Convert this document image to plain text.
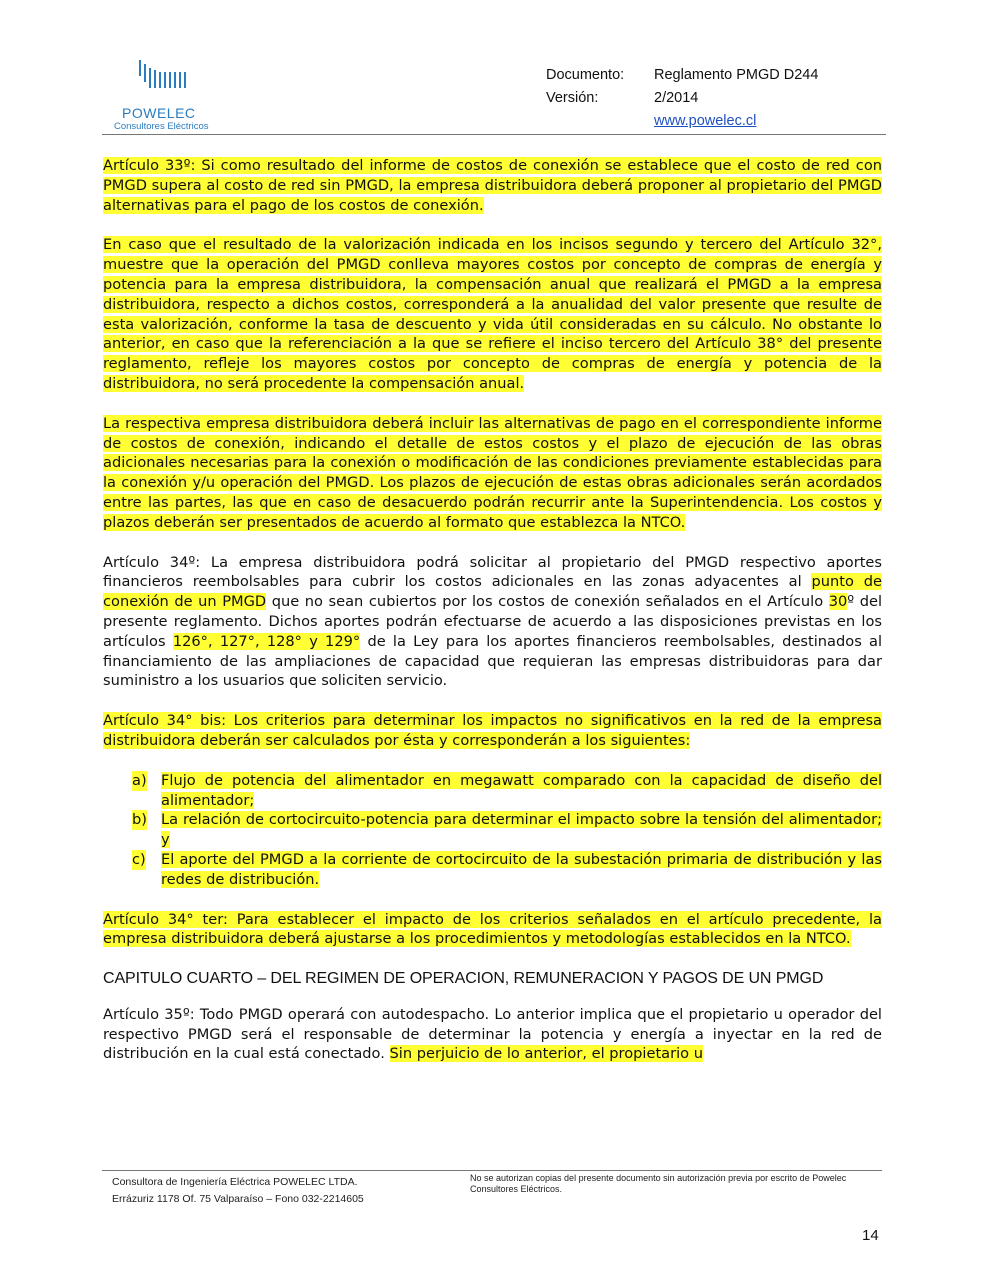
POWELEC
Consultores Eléctricos
Documento:	Reglamento PMGD D244
Versión:	2/2014
www.powelec.cl

Artículo 33º: Si como resultado del informe de costos de conexión se establece que el costo de red con PMGD supera al costo de red sin PMGD, la empresa distribuidora deberá proponer al propietario del PMGD alternativas para el pago de los costos de conexión.

En caso que el resultado de la valorización indicada en los incisos segundo y tercero del Artículo 32°, muestre que la operación del PMGD conlleva mayores costos por concepto de compras de energía y potencia para la empresa distribuidora, la compensación anual que realizará el PMGD a la empresa distribuidora, respecto a dichos costos, corresponderá a la anualidad del valor presente que resulte de esta valorización, conforme la tasa de descuento y vida útil consideradas en su cálculo. No obstante lo anterior, en caso que la referenciación a la que se refiere el inciso tercero del Artículo 38° del presente reglamento, refleje los mayores costos por concepto de compras de energía y potencia de la distribuidora, no será procedente la compensación anual.

La respectiva empresa distribuidora deberá incluir las alternativas de pago en el correspondiente informe de costos de conexión, indicando el detalle de estos costos y el plazo de ejecución de las obras adicionales necesarias para la conexión o modificación de las condiciones previamente establecidas para la conexión y/u operación del PMGD. Los plazos de ejecución de estas obras adicionales serán acordados entre las partes, las que en caso de desacuerdo podrán recurrir ante la Superintendencia. Los costos y plazos deberán ser presentados de acuerdo al formato que establezca la NTCO.

Artículo 34º: La empresa distribuidora podrá solicitar al propietario del PMGD respectivo aportes financieros reembolsables para cubrir los costos adicionales en las zonas adyacentes al punto de conexión de un PMGD que no sean cubiertos por los costos de conexión señalados en el Artículo 30º del presente reglamento. Dichos aportes podrán efectuarse de acuerdo a las disposiciones previstas en los artículos 126°, 127°, 128° y 129° de la Ley para los aportes financieros reembolsables, destinados al financiamiento de las ampliaciones de capacidad que requieran las empresas distribuidoras para dar suministro a los usuarios que soliciten servicio.

Artículo 34° bis: Los criterios para determinar los impactos no significativos en la red de la empresa distribuidora deberán ser calculados por ésta y corresponderán a los siguientes:

a) Flujo de potencia del alimentador en megawatt comparado con la capacidad de diseño del alimentador;
b) La relación de cortocircuito-potencia para determinar el impacto sobre la tensión del alimentador; y
c) El aporte del PMGD a la corriente de cortocircuito de la subestación primaria de distribución y las redes de distribución.

Artículo 34° ter: Para establecer el impacto de los criterios señalados en el artículo precedente, la empresa distribuidora deberá ajustarse a los procedimientos y metodologías establecidos en la NTCO.

CAPITULO CUARTO – DEL REGIMEN DE OPERACION, REMUNERACION Y PAGOS DE UN PMGD

Artículo 35º: Todo PMGD operará con autodespacho. Lo anterior implica que el propietario u operador del respectivo PMGD será el responsable de determinar la potencia y energía a inyectar en la red de distribución en la cual está conectado. Sin perjuicio de lo anterior, el propietario u

Consultora de Ingeniería Eléctrica POWELEC LTDA.
Errázuriz 1178 Of. 75 Valparaíso – Fono 032-2214605
No se autorizan copias del presente documento sin autorización previa por escrito de Powelec Consultores Eléctricos.
14
